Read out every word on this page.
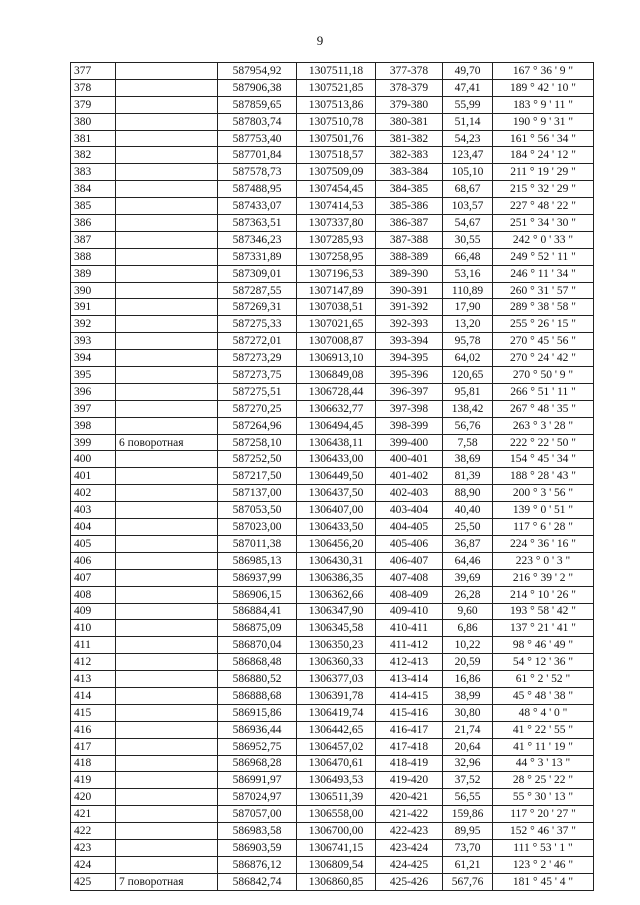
9
377		587954,92	1307511,18	377-378	49,70	167 ° 36 ' 9 "
378		587906,38	1307521,85	378-379	47,41	189 ° 42 ' 10 "
379		587859,65	1307513,86	379-380	55,99	183 ° 9 ' 11 "
380		587803,74	1307510,78	380-381	51,14	190 ° 9 ' 31 "
381		587753,40	1307501,76	381-382	54,23	161 ° 56 ' 34 "
382		587701,84	1307518,57	382-383	123,47	184 ° 24 ' 12 "
383		587578,73	1307509,09	383-384	105,10	211 ° 19 ' 29 "
384		587488,95	1307454,45	384-385	68,67	215 ° 32 ' 29 "
385		587433,07	1307414,53	385-386	103,57	227 ° 48 ' 22 "
386		587363,51	1307337,80	386-387	54,67	251 ° 34 ' 30 "
387		587346,23	1307285,93	387-388	30,55	242 ° 0 ' 33 "
388		587331,89	1307258,95	388-389	66,48	249 ° 52 ' 11 "
389		587309,01	1307196,53	389-390	53,16	246 ° 11 ' 34 "
390		587287,55	1307147,89	390-391	110,89	260 ° 31 ' 57 "
391		587269,31	1307038,51	391-392	17,90	289 ° 38 ' 58 "
392		587275,33	1307021,65	392-393	13,20	255 ° 26 ' 15 "
393		587272,01	1307008,87	393-394	95,78	270 ° 45 ' 56 "
394		587273,29	1306913,10	394-395	64,02	270 ° 24 ' 42 "
395		587273,75	1306849,08	395-396	120,65	270 ° 50 ' 9 "
396		587275,51	1306728,44	396-397	95,81	266 ° 51 ' 11 "
397		587270,25	1306632,77	397-398	138,42	267 ° 48 ' 35 "
398		587264,96	1306494,45	398-399	56,76	263 ° 3 ' 28 "
399	6 поворотная	587258,10	1306438,11	399-400	7,58	222 ° 22 ' 50 "
400		587252,50	1306433,00	400-401	38,69	154 ° 45 ' 34 "
401		587217,50	1306449,50	401-402	81,39	188 ° 28 ' 43 "
402		587137,00	1306437,50	402-403	88,90	200 ° 3 ' 56 "
403		587053,50	1306407,00	403-404	40,40	139 ° 0 ' 51 "
404		587023,00	1306433,50	404-405	25,50	117 ° 6 ' 28 "
405		587011,38	1306456,20	405-406	36,87	224 ° 36 ' 16 "
406		586985,13	1306430,31	406-407	64,46	223 ° 0 ' 3 "
407		586937,99	1306386,35	407-408	39,69	216 ° 39 ' 2 "
408		586906,15	1306362,66	408-409	26,28	214 ° 10 ' 26 "
409		586884,41	1306347,90	409-410	9,60	193 ° 58 ' 42 "
410		586875,09	1306345,58	410-411	6,86	137 ° 21 ' 41 "
411		586870,04	1306350,23	411-412	10,22	98 ° 46 ' 49 "
412		586868,48	1306360,33	412-413	20,59	54 ° 12 ' 36 "
413		586880,52	1306377,03	413-414	16,86	61 ° 2 ' 52 "
414		586888,68	1306391,78	414-415	38,99	45 ° 48 ' 38 "
415		586915,86	1306419,74	415-416	30,80	48 ° 4 ' 0 "
416		586936,44	1306442,65	416-417	21,74	41 ° 22 ' 55 "
417		586952,75	1306457,02	417-418	20,64	41 ° 11 ' 19 "
418		586968,28	1306470,61	418-419	32,96	44 ° 3 ' 13 "
419		586991,97	1306493,53	419-420	37,52	28 ° 25 ' 22 "
420		587024,97	1306511,39	420-421	56,55	55 ° 30 ' 13 "
421		587057,00	1306558,00	421-422	159,86	117 ° 20 ' 27 "
422		586983,58	1306700,00	422-423	89,95	152 ° 46 ' 37 "
423		586903,59	1306741,15	423-424	73,70	111 ° 53 ' 1 "
424		586876,12	1306809,54	424-425	61,21	123 ° 2 ' 46 "
425	7 поворотная	586842,74	1306860,85	425-426	567,76	181 ° 45 ' 4 "
